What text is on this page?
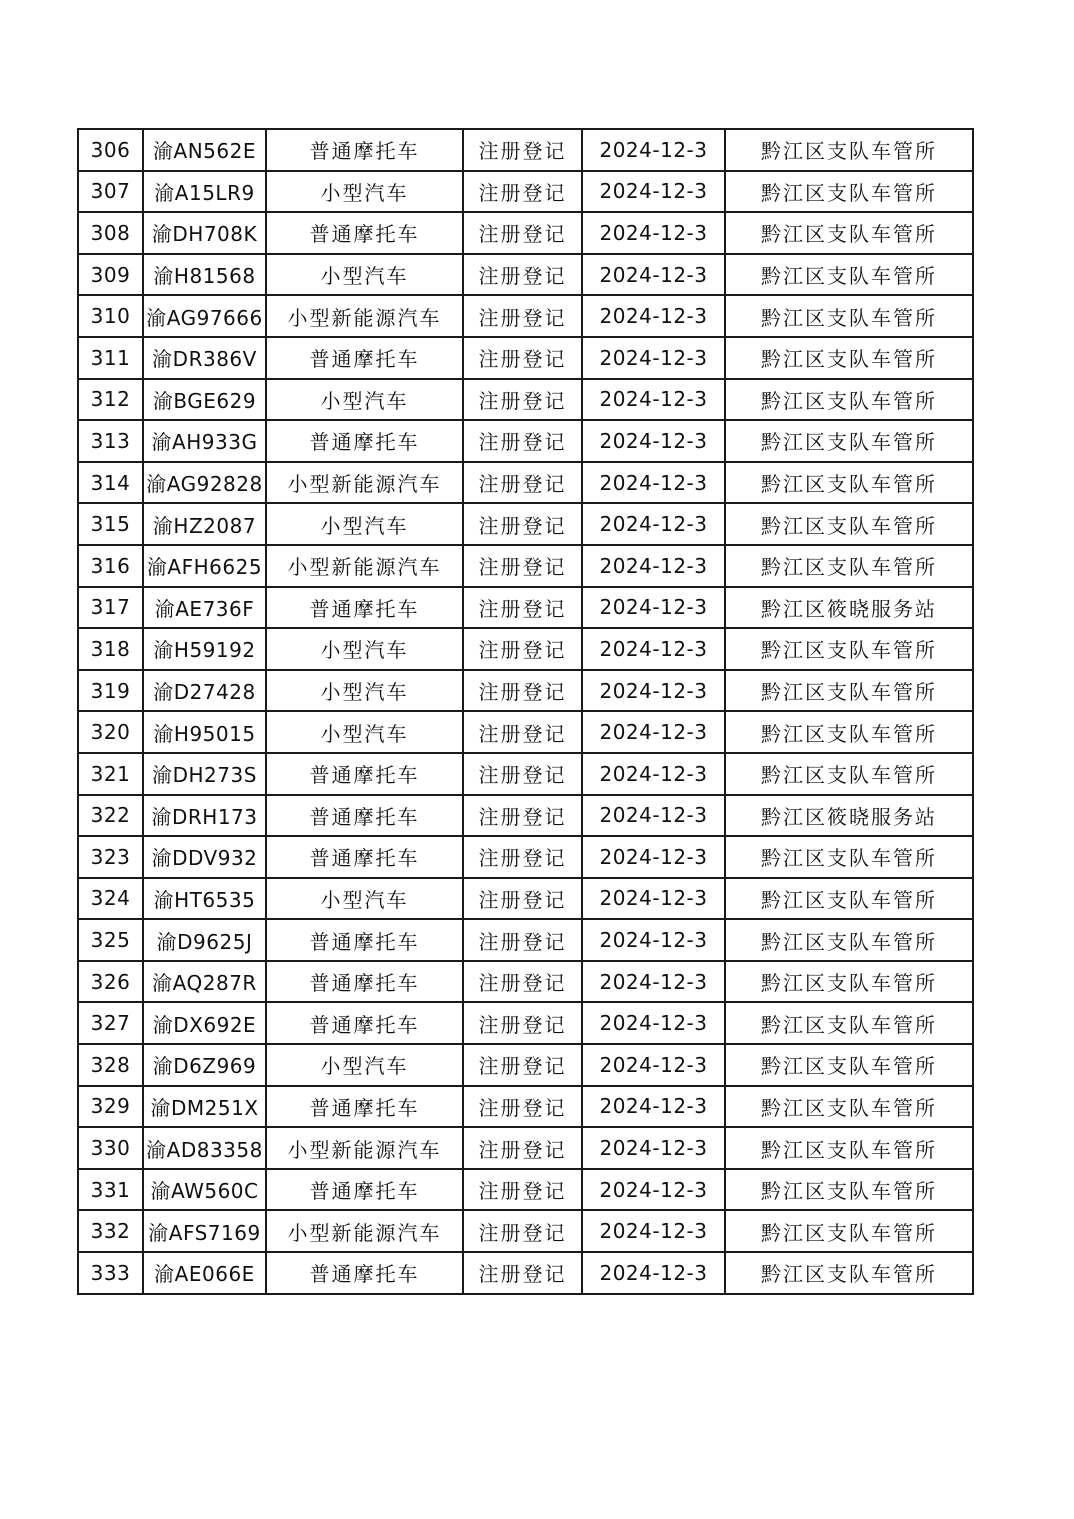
306	渝AN562E	普通摩托车	注册登记	2024-12-3	黔江区支队车管所
307	渝A15LR9	小型汽车	注册登记	2024-12-3	黔江区支队车管所
308	渝DH708K	普通摩托车	注册登记	2024-12-3	黔江区支队车管所
309	渝H81568	小型汽车	注册登记	2024-12-3	黔江区支队车管所
310	渝AG97666	小型新能源汽车	注册登记	2024-12-3	黔江区支队车管所
311	渝DR386V	普通摩托车	注册登记	2024-12-3	黔江区支队车管所
312	渝BGE629	小型汽车	注册登记	2024-12-3	黔江区支队车管所
313	渝AH933G	普通摩托车	注册登记	2024-12-3	黔江区支队车管所
314	渝AG92828	小型新能源汽车	注册登记	2024-12-3	黔江区支队车管所
315	渝HZ2087	小型汽车	注册登记	2024-12-3	黔江区支队车管所
316	渝AFH6625	小型新能源汽车	注册登记	2024-12-3	黔江区支队车管所
317	渝AE736F	普通摩托车	注册登记	2024-12-3	黔江区筱晓服务站
318	渝H59192	小型汽车	注册登记	2024-12-3	黔江区支队车管所
319	渝D27428	小型汽车	注册登记	2024-12-3	黔江区支队车管所
320	渝H95015	小型汽车	注册登记	2024-12-3	黔江区支队车管所
321	渝DH273S	普通摩托车	注册登记	2024-12-3	黔江区支队车管所
322	渝DRH173	普通摩托车	注册登记	2024-12-3	黔江区筱晓服务站
323	渝DDV932	普通摩托车	注册登记	2024-12-3	黔江区支队车管所
324	渝HT6535	小型汽车	注册登记	2024-12-3	黔江区支队车管所
325	渝D9625J	普通摩托车	注册登记	2024-12-3	黔江区支队车管所
326	渝AQ287R	普通摩托车	注册登记	2024-12-3	黔江区支队车管所
327	渝DX692E	普通摩托车	注册登记	2024-12-3	黔江区支队车管所
328	渝D6Z969	小型汽车	注册登记	2024-12-3	黔江区支队车管所
329	渝DM251X	普通摩托车	注册登记	2024-12-3	黔江区支队车管所
330	渝AD83358	小型新能源汽车	注册登记	2024-12-3	黔江区支队车管所
331	渝AW560C	普通摩托车	注册登记	2024-12-3	黔江区支队车管所
332	渝AFS7169	小型新能源汽车	注册登记	2024-12-3	黔江区支队车管所
333	渝AE066E	普通摩托车	注册登记	2024-12-3	黔江区支队车管所
